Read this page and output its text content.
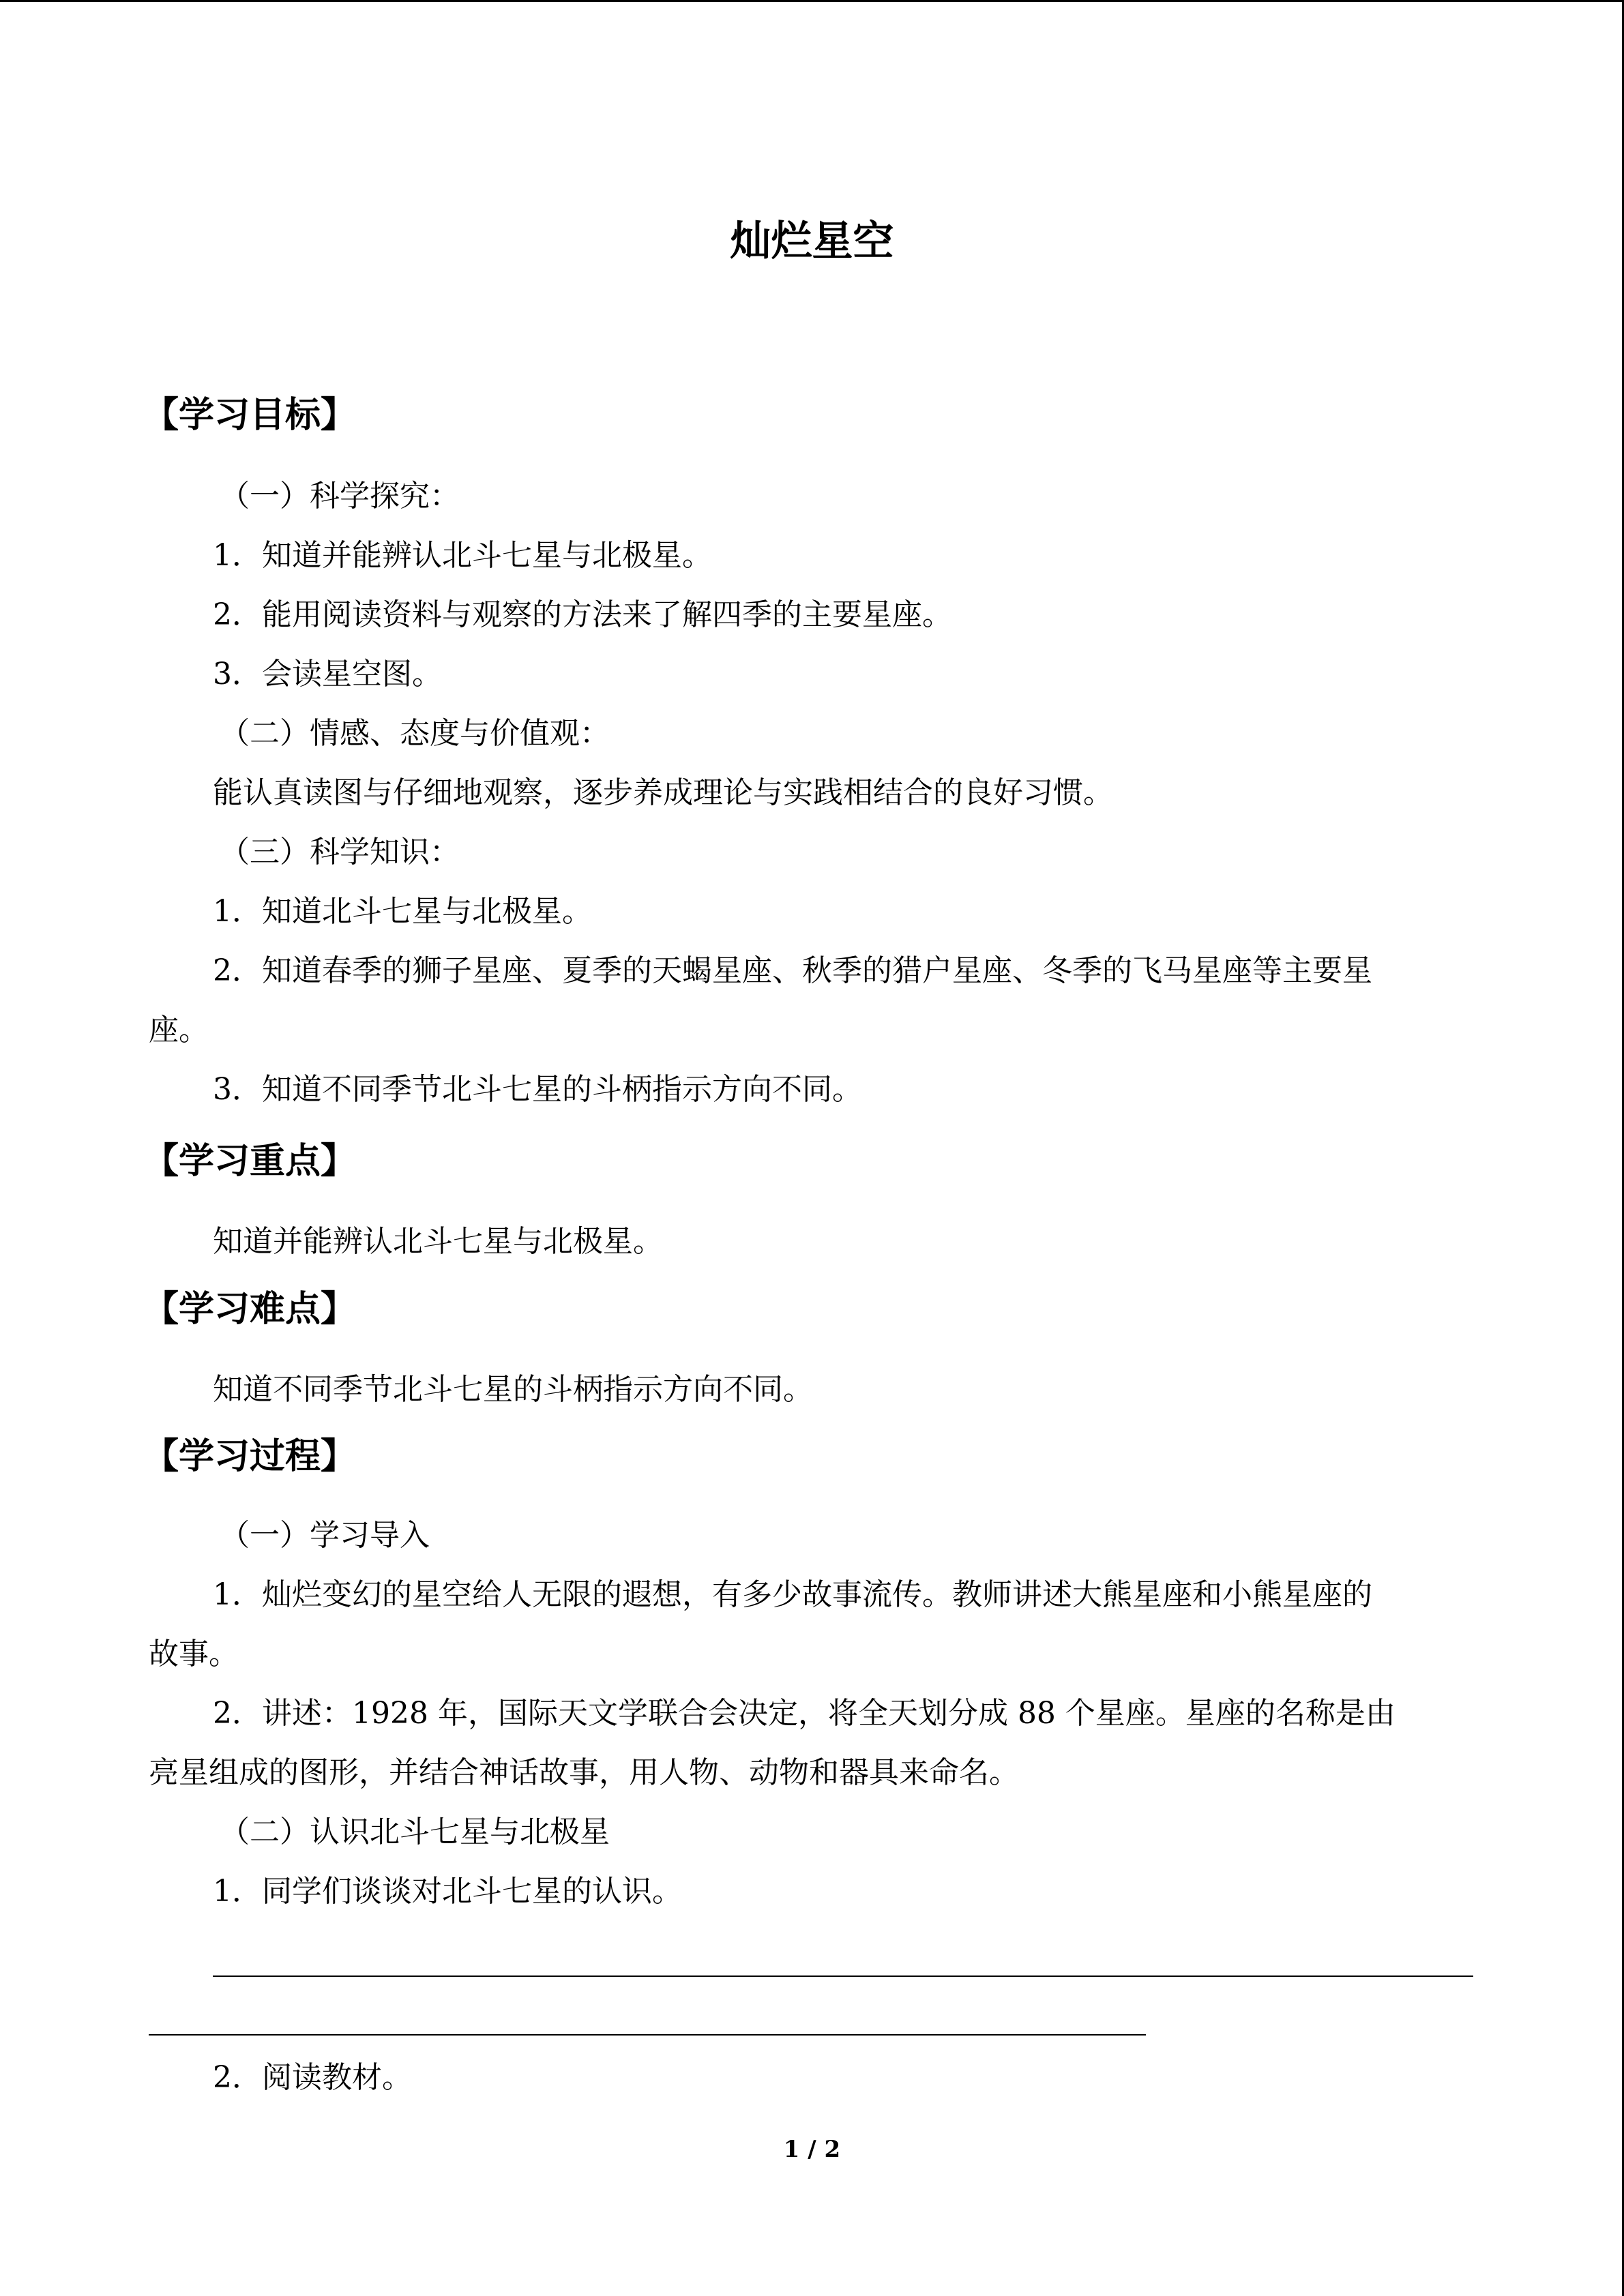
灿烂星空
【学习目标】

（一）科学探究：

1．知道并能辨认北斗七星与北极星。

2．能用阅读资料与观察的方法来了解四季的主要星座。

3．会读星空图。

（二）情感、态度与价值观：

能认真读图与仔细地观察，逐步养成理论与实践相结合的良好习惯。

（三）科学知识：

1．知道北斗七星与北极星。

2．知道春季的狮子星座、夏季的天蝎星座、秋季的猎户星座、冬季的飞马星座等主要星

座。

3．知道不同季节北斗七星的斗柄指示方向不同。

【学习重点】

知道并能辨认北斗七星与北极星。

【学习难点】

知道不同季节北斗七星的斗柄指示方向不同。

【学习过程】

（一）学习导入

1．灿烂变幻的星空给人无限的遐想，有多少故事流传。教师讲述大熊星座和小熊星座的

故事。

2．讲述：1928 年，国际天文学联合会决定，将全天划分成 88 个星座。星座的名称是由

亮星组成的图形，并结合神话故事，用人物、动物和器具来命名。

（二）认识北斗七星与北极星

1．同学们谈谈对北斗七星的认识。

2．阅读教材。

1 / 2
